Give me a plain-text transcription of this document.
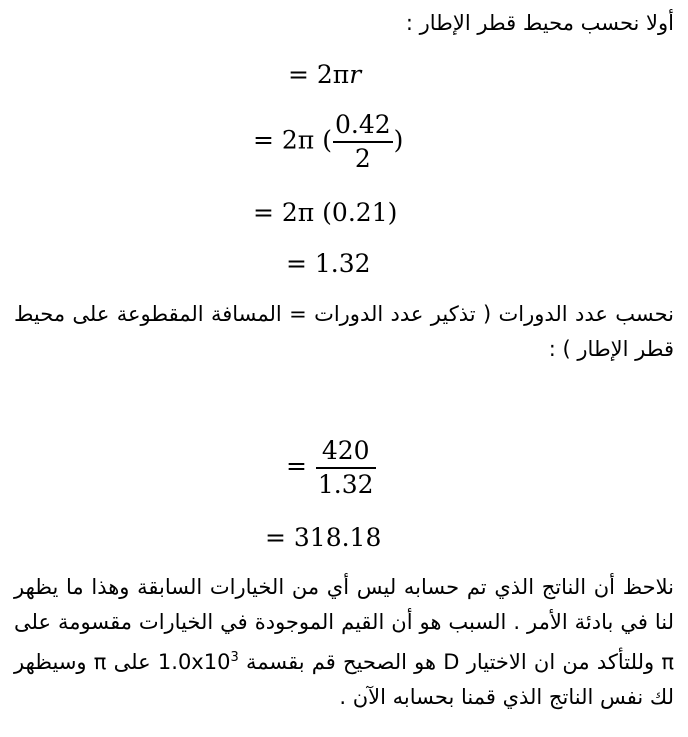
أولا نحسب محيط قطر الإطار :

= 2πr
= 2π ( $\frac{0.42}{2}$ )
= 2π (0.21)
= 1.32

نحسب عدد الدورات ( تذكير عدد الدورات = المسافة المقطوعة على محيط قطر الإطار ) :

= $\frac{420}{1.32}$
= 318.18

نلاحظ أن الناتج الذي تم حسابه ليس أي من الخيارات السابقة وهذا ما يظهر لنا في بادئة الأمر . السبب هو أن القيم الموجودة في الخيارات مقسومة على π وللتأكد من ان الاختيار D هو الصحيح قم بقسمة $1.0x10^3$ على π وسيظهر لك نفس الناتج الذي قمنا بحسابه الآن .
